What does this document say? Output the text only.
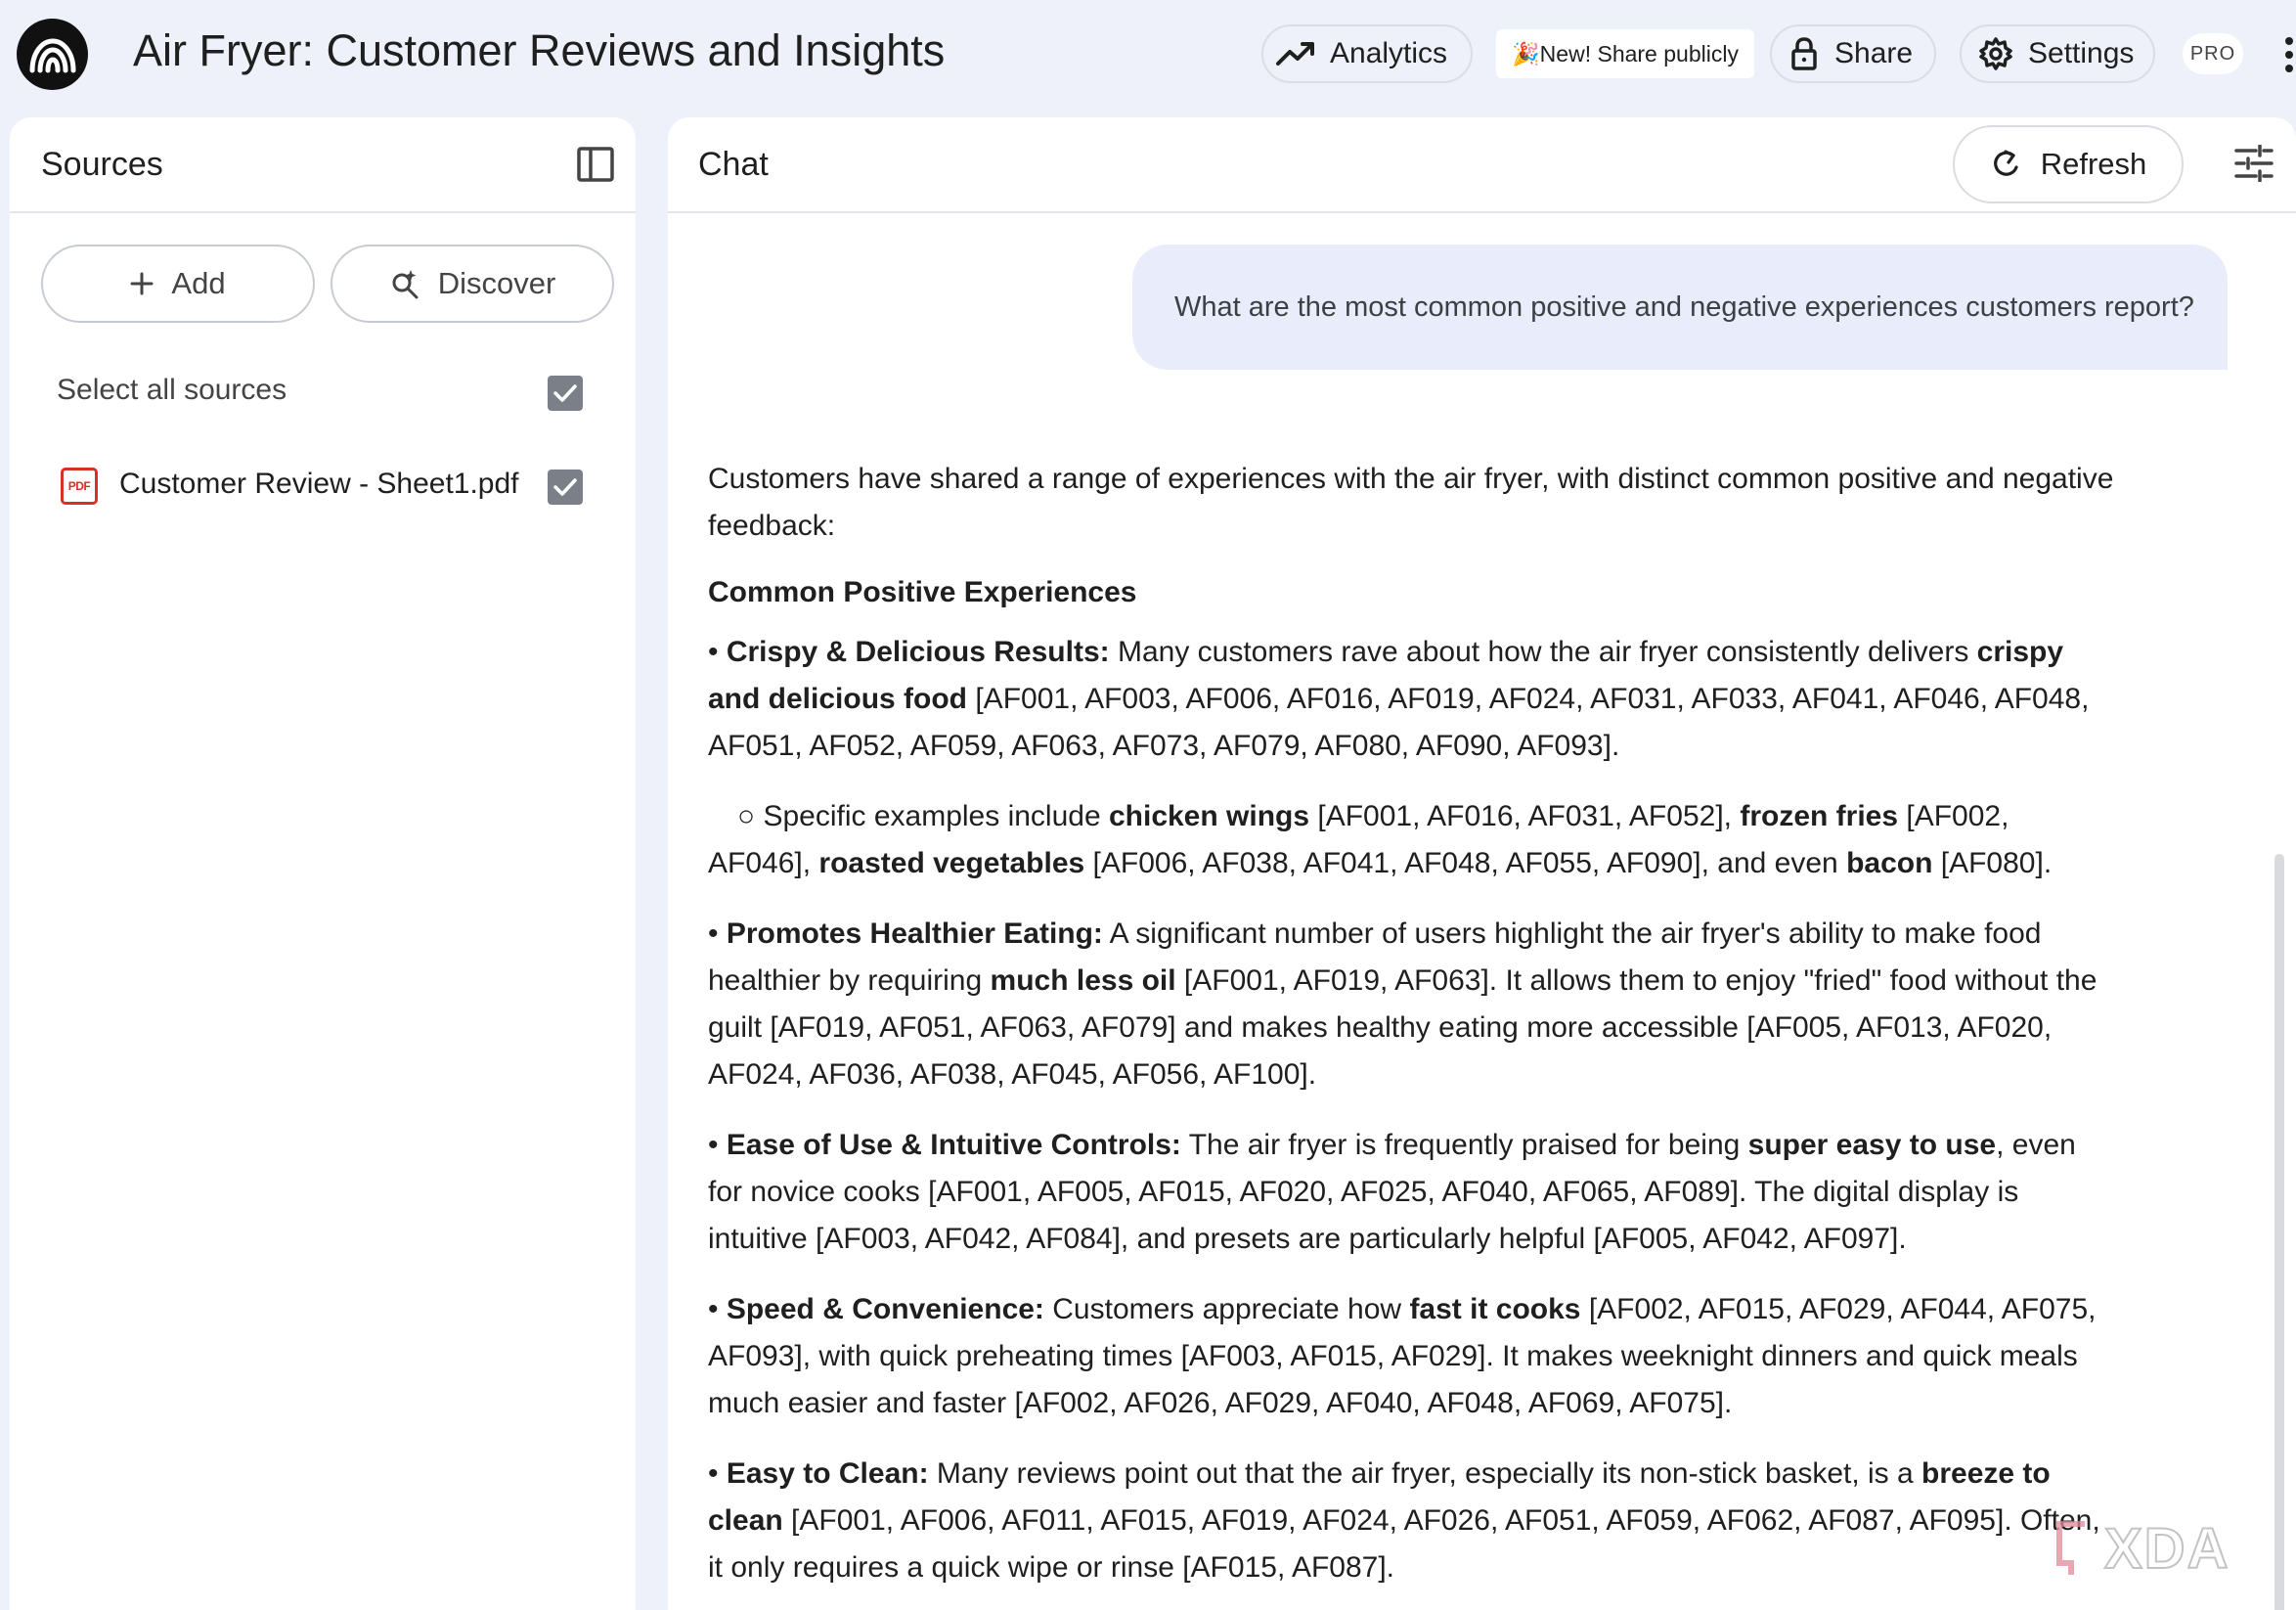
Air Fryer: Customer Reviews and Insights	Analytics	🎉New! Share publicly	Share	Settings	PRO
Sources
Add	Discover
Select all sources
PDF Customer Review - Sheet1.pdf
Chat	Refresh
What are the most common positive and negative experiences customers report?

Customers have shared a range of experiences with the air fryer, with distinct common positive and negative feedback:

Common Positive Experiences

• Crispy & Delicious Results: Many customers rave about how the air fryer consistently delivers crispy and delicious food [AF001, AF003, AF006, AF016, AF019, AF024, AF031, AF033, AF041, AF046, AF048, AF051, AF052, AF059, AF063, AF073, AF079, AF080, AF090, AF093].

○ Specific examples include chicken wings [AF001, AF016, AF031, AF052], frozen fries [AF002, AF046], roasted vegetables [AF006, AF038, AF041, AF048, AF055, AF090], and even bacon [AF080].

• Promotes Healthier Eating: A significant number of users highlight the air fryer's ability to make food healthier by requiring much less oil [AF001, AF019, AF063]. It allows them to enjoy "fried" food without the guilt [AF019, AF051, AF063, AF079] and makes healthy eating more accessible [AF005, AF013, AF020, AF024, AF036, AF038, AF045, AF056, AF100].

• Ease of Use & Intuitive Controls: The air fryer is frequently praised for being super easy to use, even for novice cooks [AF001, AF005, AF015, AF020, AF025, AF040, AF065, AF089]. The digital display is intuitive [AF003, AF042, AF084], and presets are particularly helpful [AF005, AF042, AF097].

• Speed & Convenience: Customers appreciate how fast it cooks [AF002, AF015, AF029, AF044, AF075, AF093], with quick preheating times [AF003, AF015, AF029]. It makes weeknight dinners and quick meals much easier and faster [AF002, AF026, AF029, AF040, AF048, AF069, AF075].

• Easy to Clean: Many reviews point out that the air fryer, especially its non-stick basket, is a breeze to clean [AF001, AF006, AF011, AF015, AF019, AF024, AF026, AF051, AF059, AF062, AF087, AF095]. Often, it only requires a quick wipe or rinse [AF015, AF087].	XDA
